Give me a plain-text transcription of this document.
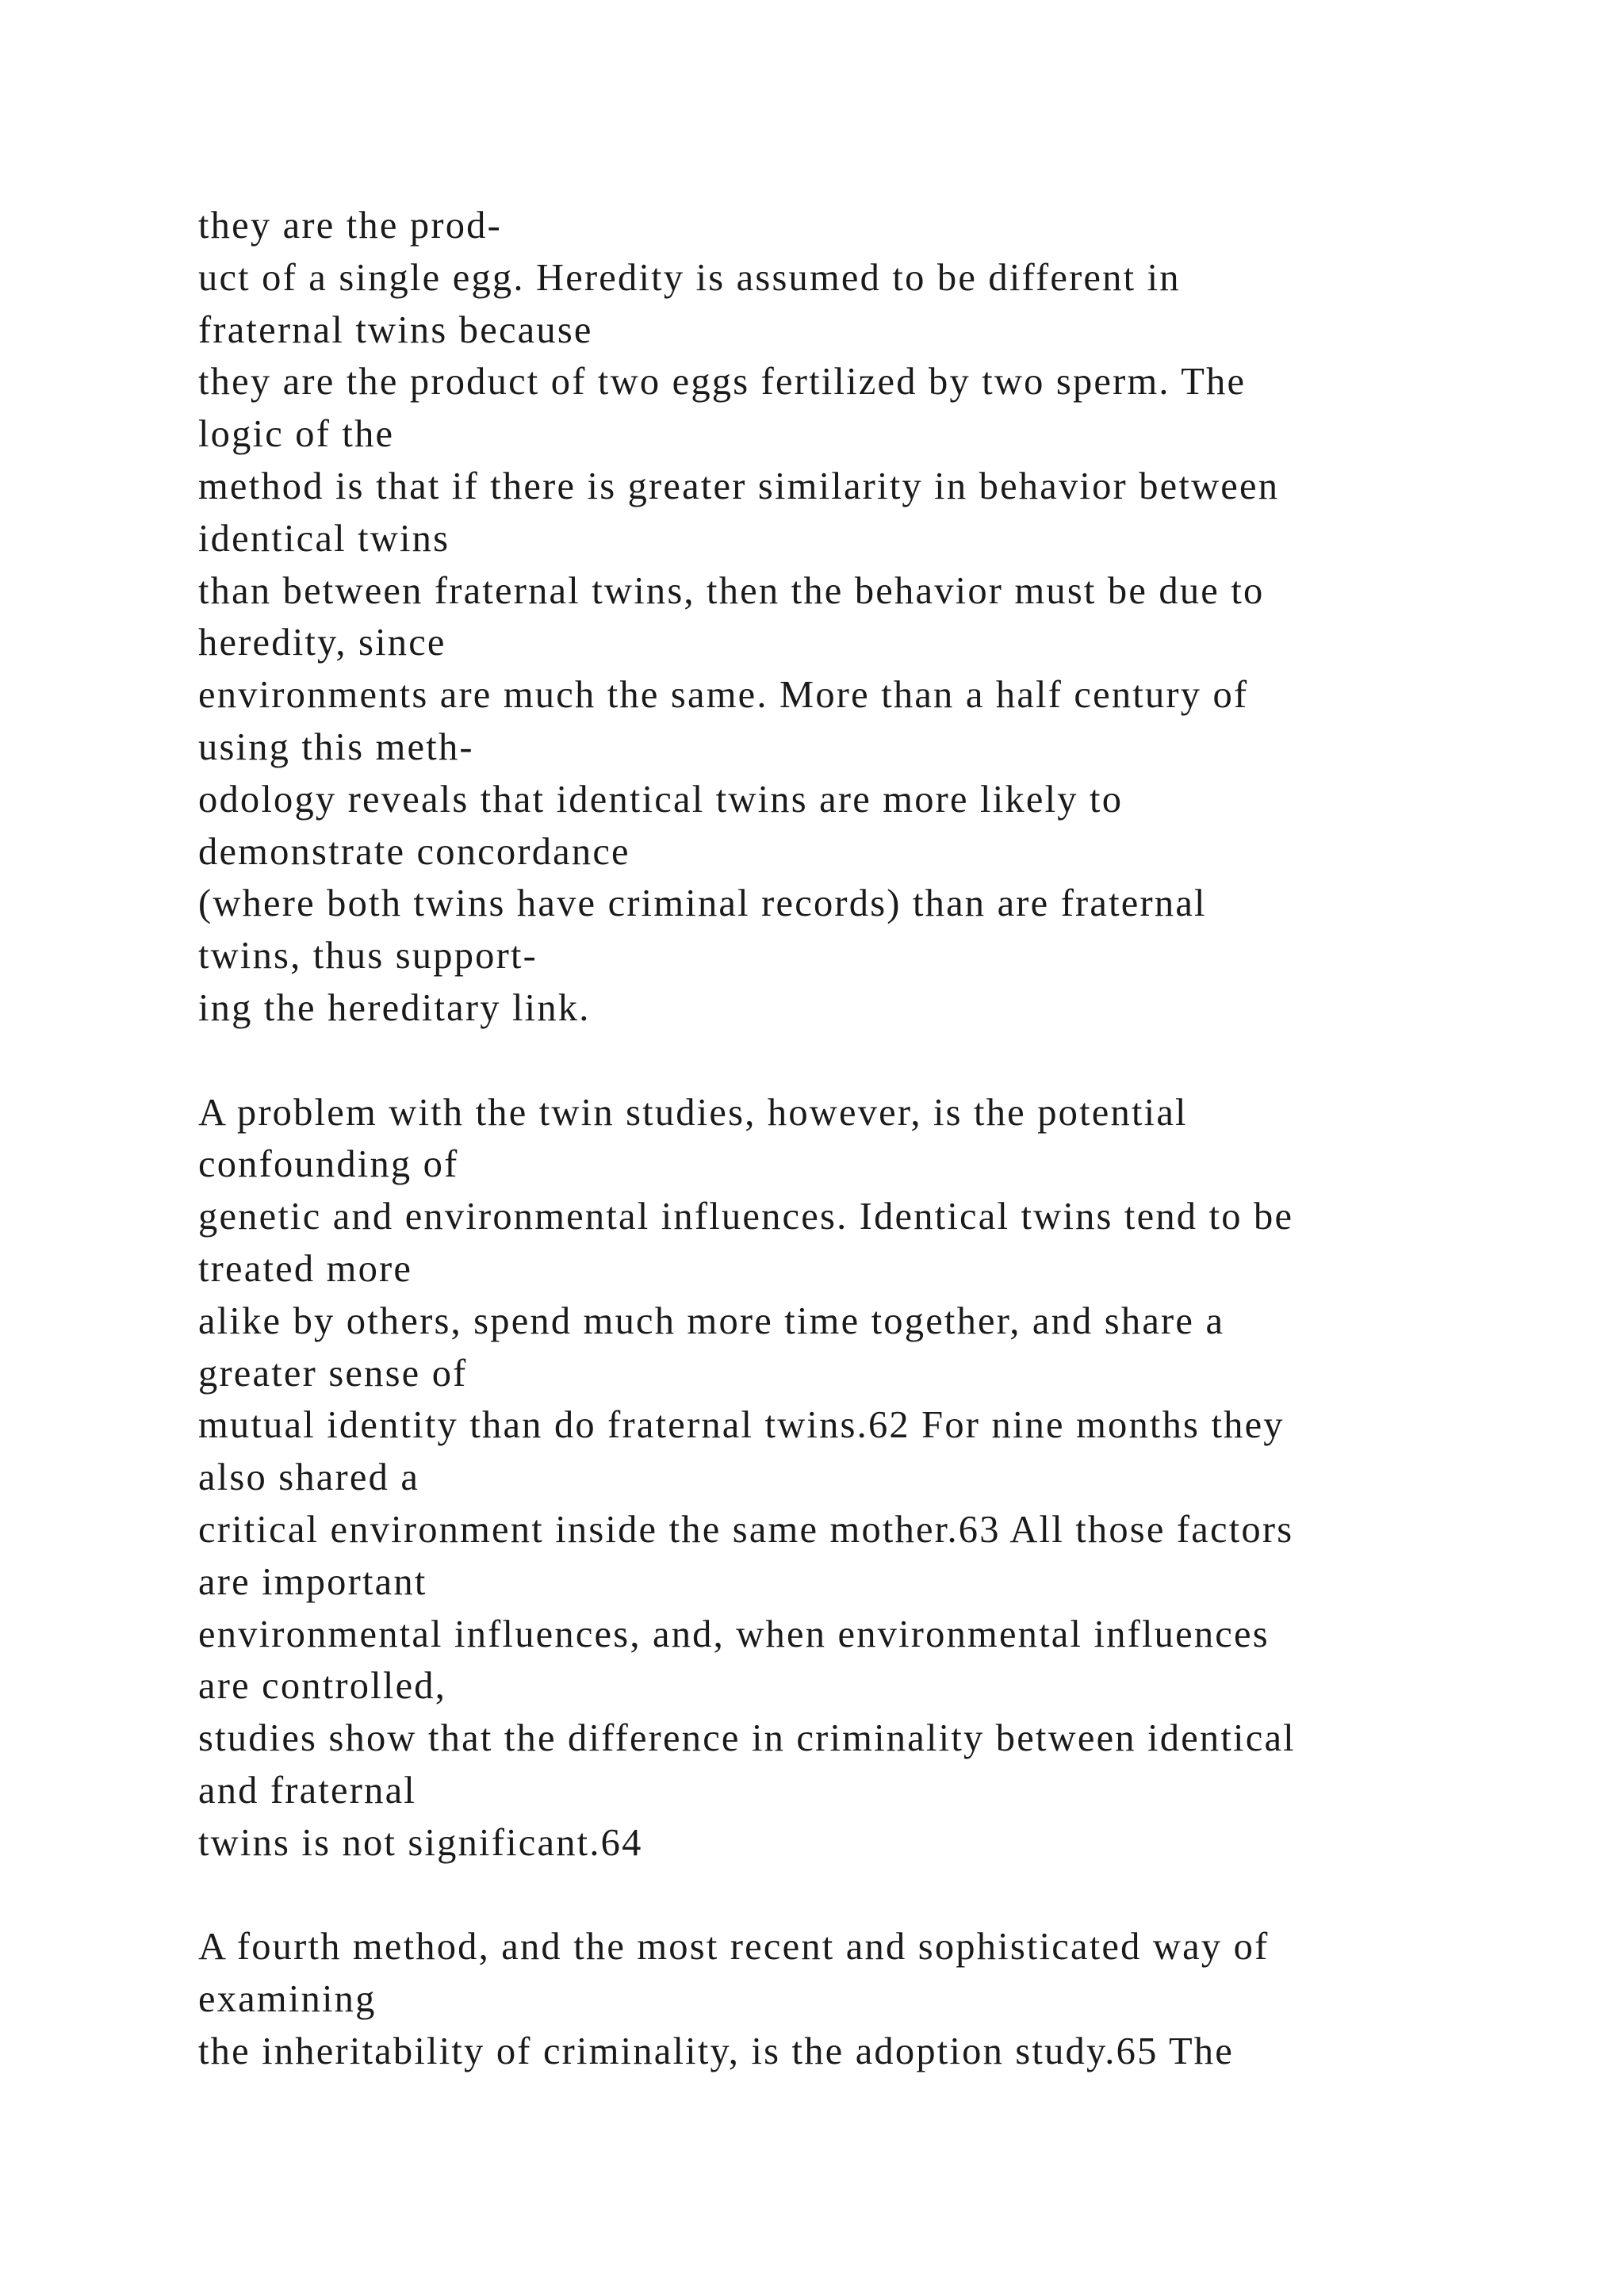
they are the prod-
uct of a single egg. Heredity is assumed to be different in
fraternal twins because
they are the product of two eggs fertilized by two sperm. The
logic of the
method is that if there is greater similarity in behavior between
identical twins
than between fraternal twins, then the behavior must be due to
heredity, since
environments are much the same. More than a half century of
using this meth-
odology reveals that identical twins are more likely to
demonstrate concordance
(where both twins have criminal records) than are fraternal
twins, thus support-
ing the hereditary link.
A problem with the twin studies, however, is the potential
confounding of
genetic and environmental influences. Identical twins tend to be
treated more
alike by others, spend much more time together, and share a
greater sense of
mutual identity than do fraternal twins.62 For nine months they
also shared a
critical environment inside the same mother.63 All those factors
are important
environmental influences, and, when environmental influences
are controlled,
studies show that the difference in criminality between identical
and fraternal
twins is not significant.64
A fourth method, and the most recent and sophisticated way of
examining
the inheritability of criminality, is the adoption study.65 The
